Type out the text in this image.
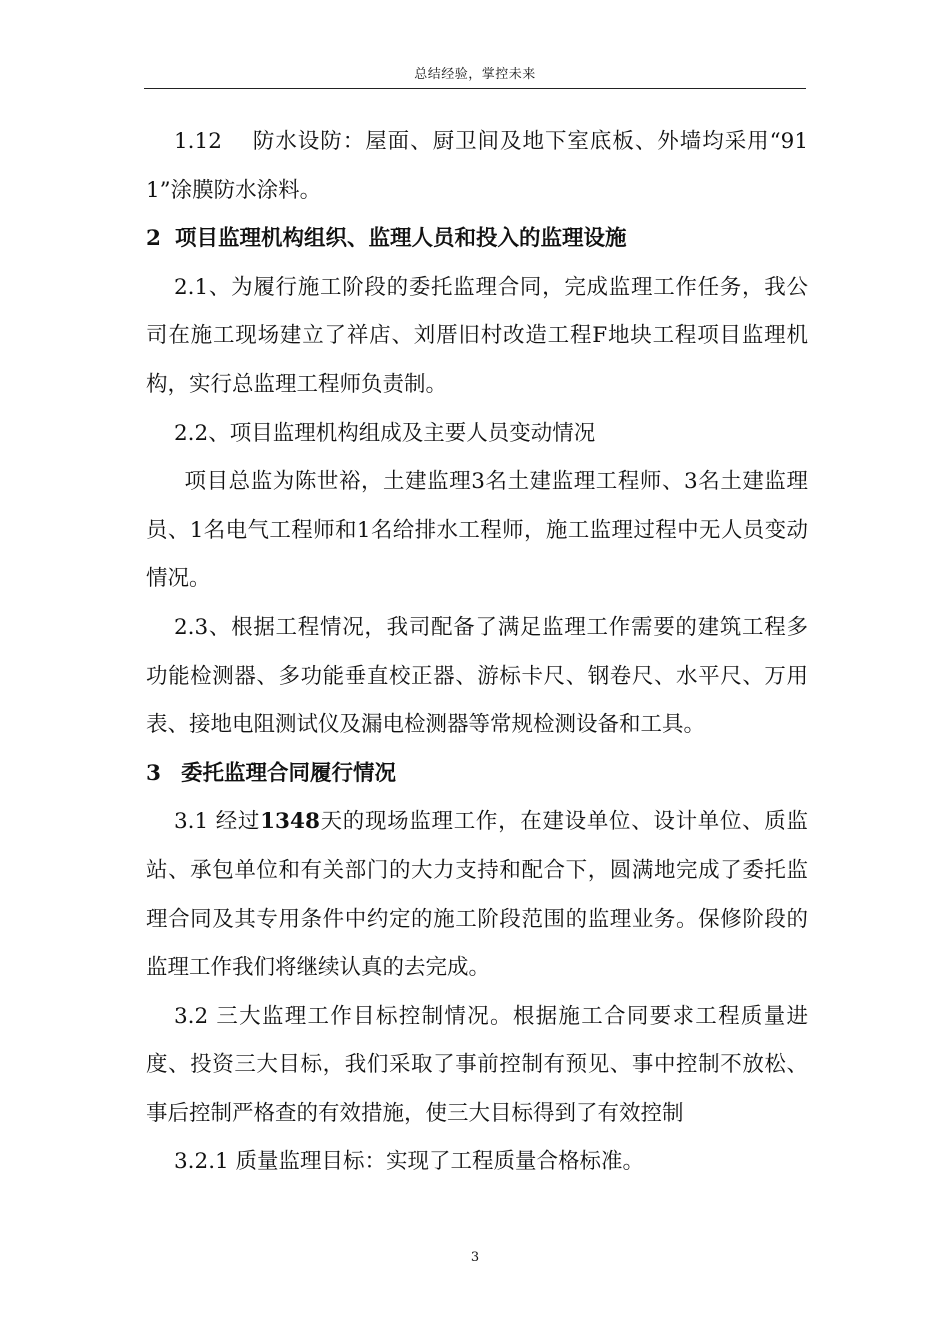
总结经验，掌控未来

1.12 防水设防：屋面、厨卫间及地下室底板、外墙均采用“911”涂膜防水涂料。

2 项目监理机构组织、监理人员和投入的监理设施

2.1、为履行施工阶段的委托监理合同，完成监理工作任务，我公司在施工现场建立了祥店、刘厝旧村改造工程F地块工程项目监理机构，实行总监理工程师负责制。

2.2、项目监理机构组成及主要人员变动情况

项目总监为陈世裕，土建监理3名土建监理工程师、3名土建监理员、1名电气工程师和1名给排水工程师，施工监理过程中无人员变动情况。

2.3、根据工程情况，我司配备了满足监理工作需要的建筑工程多功能检测器、多功能垂直校正器、游标卡尺、钢卷尺、水平尺、万用表、接地电阻测试仪及漏电检测器等常规检测设备和工具。

3 委托监理合同履行情况

3.1 经过1348天的现场监理工作，在建设单位、设计单位、质监站、承包单位和有关部门的大力支持和配合下，圆满地完成了委托监理合同及其专用条件中约定的施工阶段范围的监理业务。保修阶段的监理工作我们将继续认真的去完成。

3.2 三大监理工作目标控制情况。根据施工合同要求工程质量进度、投资三大目标，我们采取了事前控制有预见、事中控制不放松、事后控制严格查的有效措施，使三大目标得到了有效控制

3.2.1 质量监理目标：实现了工程质量合格标准。

3
